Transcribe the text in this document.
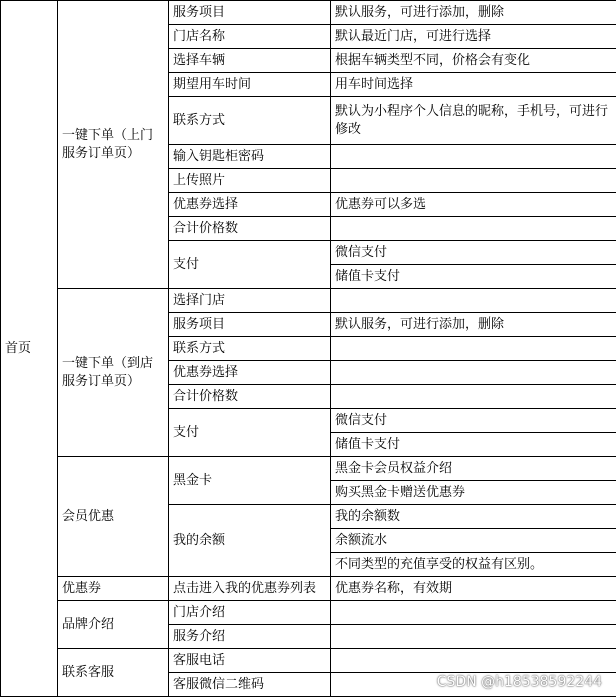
首页	一键下单（上门服务订单页）	服务项目	默认服务，可进行添加，删除
		门店名称	默认最近门店，可进行选择
		选择车辆	根据车辆类型不同，价格会有变化
		期望用车时间	用车时间选择
		联系方式	默认为小程序个人信息的昵称，手机号，可进行修改
		输入钥匙柜密码	
		上传照片	
		优惠券选择	优惠券可以多选
		合计价格数	
		支付	微信支付
			储值卡支付

	一键下单（到店服务订单页）	选择门店	
		服务项目	默认服务，可进行添加，删除
		联系方式	
		优惠券选择	
		合计价格数	
		支付	微信支付
			储值卡支付
	会员优惠	黑金卡	黑金卡会员权益介绍
			购买黑金卡赠送优惠券
		我的余额	我的余额数
			余额流水
			不同类型的充值享受的权益有区别。
	优惠券	点击进入我的优惠券列表	优惠券名称，有效期
	品牌介绍	门店介绍	
		服务介绍	
	联系客服	客服电话	
		客服微信二维码		CSDN @h18538592244
